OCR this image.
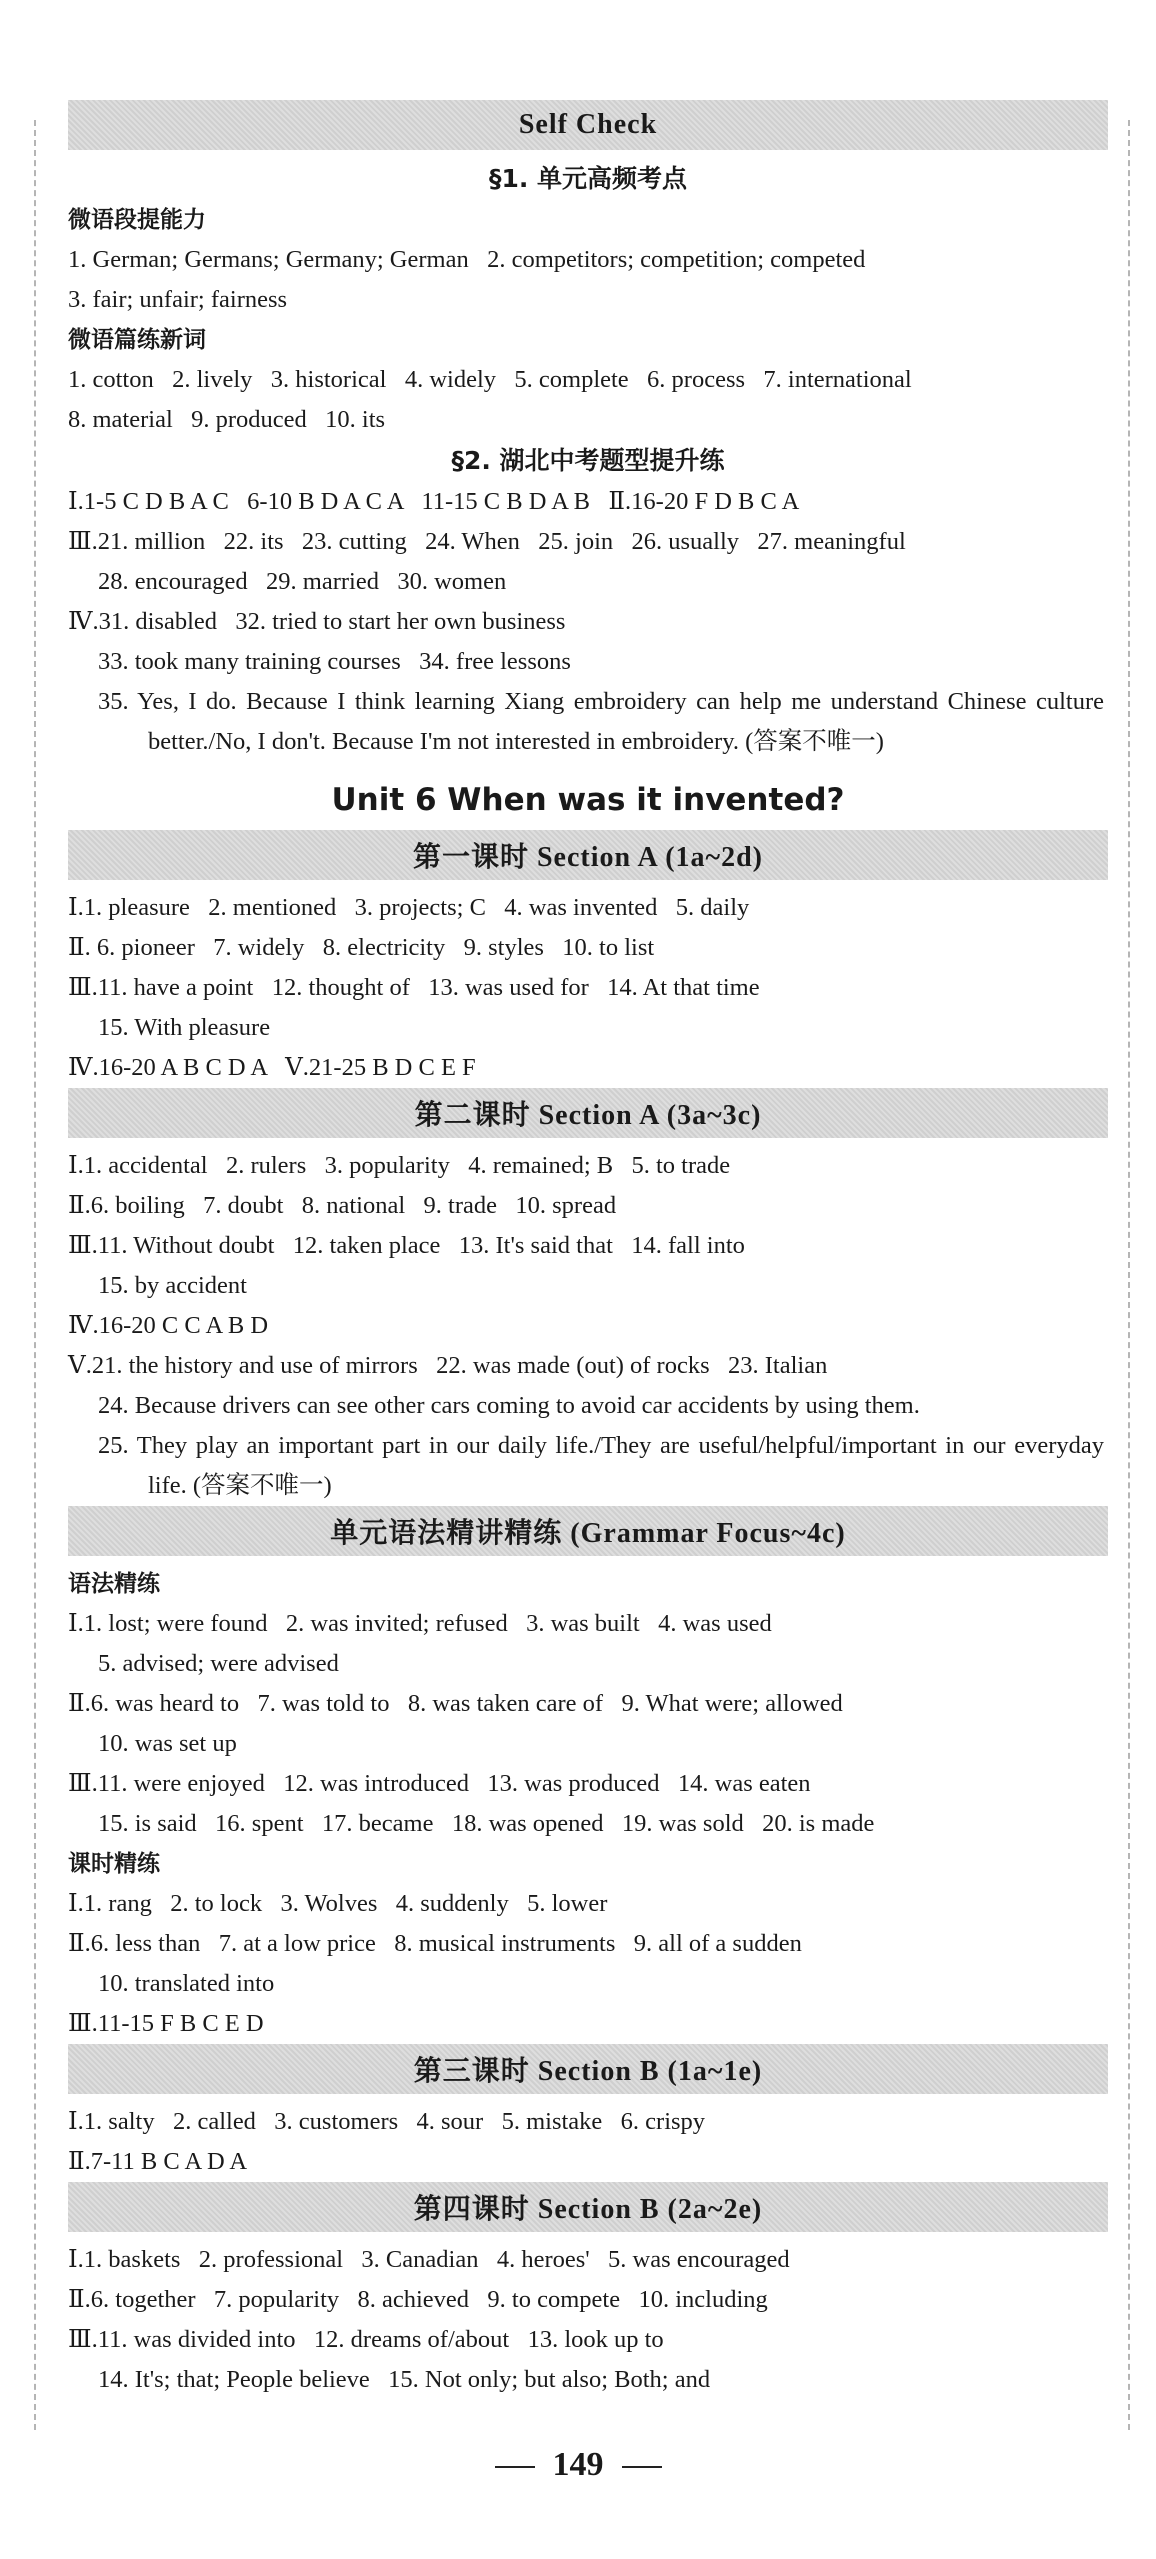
Self Check
§1. 单元高频考点
微语段提能力
1. German; Germans; Germany; German   2. competitors; competition; competed
3. fair; unfair; fairness
微语篇练新词
1. cotton   2. lively   3. historical   4. widely   5. complete   6. process   7. international
8. material   9. produced   10. its
§2. 湖北中考题型提升练
Ⅰ.1-5 C D B A C   6-10 B D A C A   11-15 C B D A B   Ⅱ.16-20 F D B C A
Ⅲ.21. million   22. its   23. cutting   24. When   25. join   26. usually   27. meaningful
28. encouraged   29. married   30. women
Ⅳ.31. disabled   32. tried to start her own business
33. took many training courses   34. free lessons
35. Yes, I do. Because I think learning Xiang embroidery can help me understand Chinese culture better./No, I don't. Because I'm not interested in embroidery. (答案不唯一)
Unit 6 When was it invented?
第一课时 Section A (1a~2d)
Ⅰ.1. pleasure   2. mentioned   3. projects; C   4. was invented   5. daily
Ⅱ. 6. pioneer   7. widely   8. electricity   9. styles   10. to list
Ⅲ.11. have a point   12. thought of   13. was used for   14. At that time
15. With pleasure
Ⅳ.16-20 A B C D A   Ⅴ.21-25 B D C E F
第二课时 Section A (3a~3c)
Ⅰ.1. accidental   2. rulers   3. popularity   4. remained; B   5. to trade
Ⅱ.6. boiling   7. doubt   8. national   9. trade   10. spread
Ⅲ.11. Without doubt   12. taken place   13. It's said that   14. fall into
15. by accident
Ⅳ.16-20 C C A B D
Ⅴ.21. the history and use of mirrors   22. was made (out) of rocks   23. Italian
24. Because drivers can see other cars coming to avoid car accidents by using them.
25. They play an important part in our daily life./They are useful/helpful/important in our everyday life. (答案不唯一)
单元语法精讲精练 (Grammar Focus~4c)
语法精练
Ⅰ.1. lost; were found   2. was invited; refused   3. was built   4. was used
5. advised; were advised
Ⅱ.6. was heard to   7. was told to   8. was taken care of   9. What were; allowed
10. was set up
Ⅲ.11. were enjoyed   12. was introduced   13. was produced   14. was eaten
15. is said   16. spent   17. became   18. was opened   19. was sold   20. is made
课时精练
Ⅰ.1. rang   2. to lock   3. Wolves   4. suddenly   5. lower
Ⅱ.6. less than   7. at a low price   8. musical instruments   9. all of a sudden
10. translated into
Ⅲ.11-15 F B C E D
第三课时 Section B (1a~1e)
Ⅰ.1. salty   2. called   3. customers   4. sour   5. mistake   6. crispy
Ⅱ.7-11 B C A D A
第四课时 Section B (2a~2e)
Ⅰ.1. baskets   2. professional   3. Canadian   4. heroes'   5. was encouraged
Ⅱ.6. together   7. popularity   8. achieved   9. to compete   10. including
Ⅲ.11. was divided into   12. dreams of/about   13. look up to
14. It's; that; People believe   15. Not only; but also; Both; and
149
